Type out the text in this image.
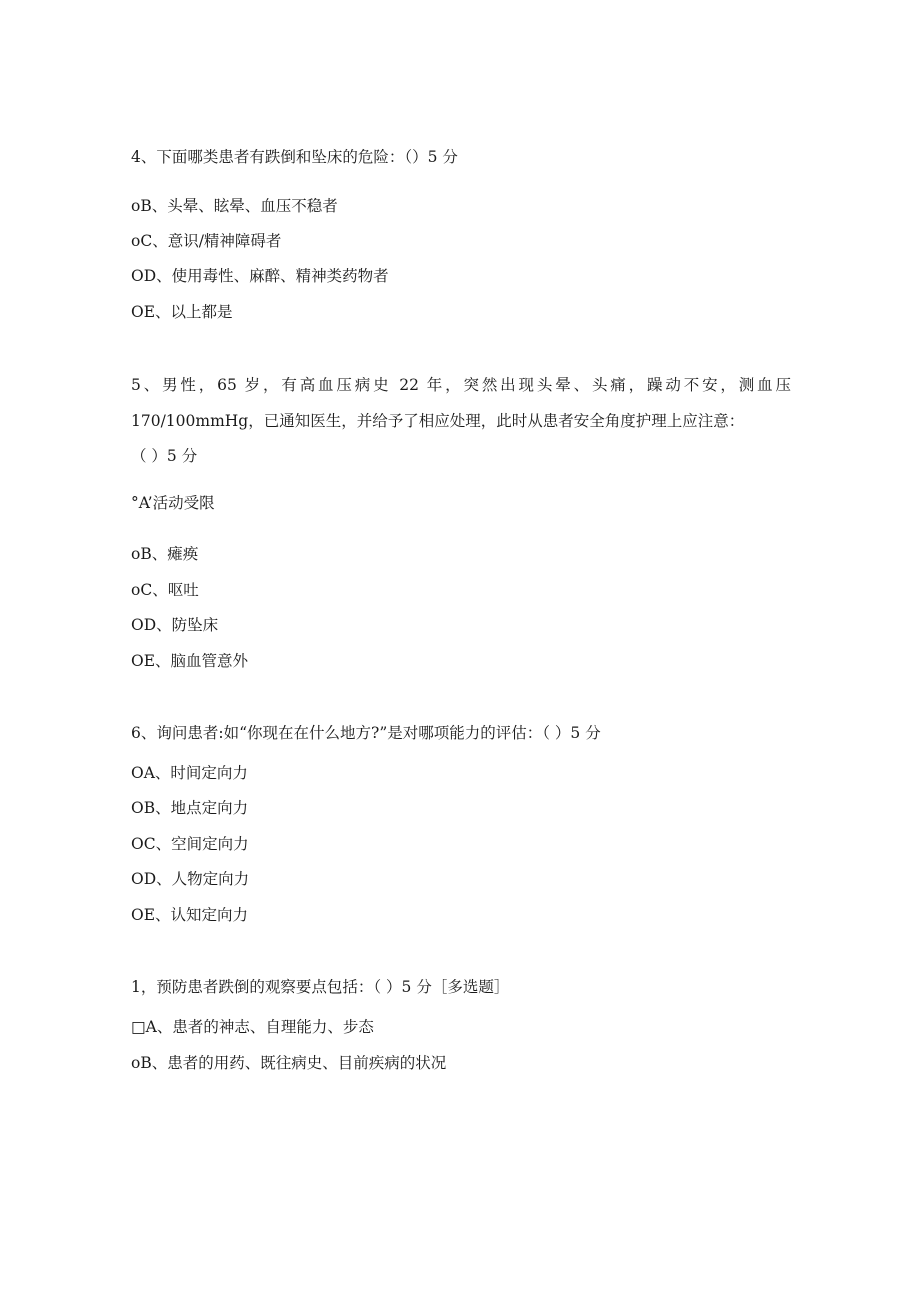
4、下面哪类患者有跌倒和坠床的危险：（）5 分
oB、头晕、眩晕、血压不稳者
oC、意识/精神障碍者
OD、使用毒性、麻醉、精神类药物者
OE、以上都是
5、男性，65 岁，有高血压病史 22 年，突然出现头晕、头痛，躁动不安，测血压
170/100mmHg，已通知医生，并给予了相应处理，此时从患者安全角度护理上应注意：
（ ）5 分
°A’活动受限
oB、瘫痪
oC、呕吐
OD、防坠床
OE、脑血管意外
6、询问患者:如“你现在在什么地方?”是对哪项能力的评估：（ ）5 分
OA、时间定向力
OB、地点定向力
OC、空间定向力
OD、人物定向力
OE、认知定向力
1，预防患者跌倒的观察要点包括：（ ）5 分［多选题］
□A、患者的神志、自理能力、步态
oB、患者的用药、既往病史、目前疾病的状况
